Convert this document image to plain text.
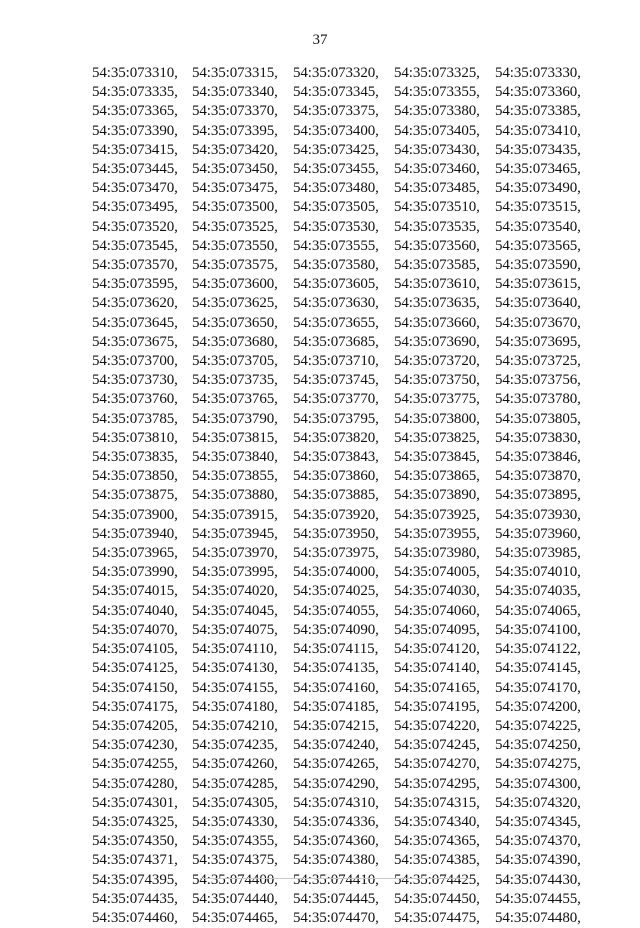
37
54:35:073310,	54:35:073315,	54:35:073320,	54:35:073325,	54:35:073330,
54:35:073335,	54:35:073340,	54:35:073345,	54:35:073355,	54:35:073360,
54:35:073365,	54:35:073370,	54:35:073375,	54:35:073380,	54:35:073385,
54:35:073390,	54:35:073395,	54:35:073400,	54:35:073405,	54:35:073410,
54:35:073415,	54:35:073420,	54:35:073425,	54:35:073430,	54:35:073435,
54:35:073445,	54:35:073450,	54:35:073455,	54:35:073460,	54:35:073465,
54:35:073470,	54:35:073475,	54:35:073480,	54:35:073485,	54:35:073490,
54:35:073495,	54:35:073500,	54:35:073505,	54:35:073510,	54:35:073515,
54:35:073520,	54:35:073525,	54:35:073530,	54:35:073535,	54:35:073540,
54:35:073545,	54:35:073550,	54:35:073555,	54:35:073560,	54:35:073565,
54:35:073570,	54:35:073575,	54:35:073580,	54:35:073585,	54:35:073590,
54:35:073595,	54:35:073600,	54:35:073605,	54:35:073610,	54:35:073615,
54:35:073620,	54:35:073625,	54:35:073630,	54:35:073635,	54:35:073640,
54:35:073645,	54:35:073650,	54:35:073655,	54:35:073660,	54:35:073670,
54:35:073675,	54:35:073680,	54:35:073685,	54:35:073690,	54:35:073695,
54:35:073700,	54:35:073705,	54:35:073710,	54:35:073720,	54:35:073725,
54:35:073730,	54:35:073735,	54:35:073745,	54:35:073750,	54:35:073756,
54:35:073760,	54:35:073765,	54:35:073770,	54:35:073775,	54:35:073780,
54:35:073785,	54:35:073790,	54:35:073795,	54:35:073800,	54:35:073805,
54:35:073810,	54:35:073815,	54:35:073820,	54:35:073825,	54:35:073830,
54:35:073835,	54:35:073840,	54:35:073843,	54:35:073845,	54:35:073846,
54:35:073850,	54:35:073855,	54:35:073860,	54:35:073865,	54:35:073870,
54:35:073875,	54:35:073880,	54:35:073885,	54:35:073890,	54:35:073895,
54:35:073900,	54:35:073915,	54:35:073920,	54:35:073925,	54:35:073930,
54:35:073940,	54:35:073945,	54:35:073950,	54:35:073955,	54:35:073960,
54:35:073965,	54:35:073970,	54:35:073975,	54:35:073980,	54:35:073985,
54:35:073990,	54:35:073995,	54:35:074000,	54:35:074005,	54:35:074010,
54:35:074015,	54:35:074020,	54:35:074025,	54:35:074030,	54:35:074035,
54:35:074040,	54:35:074045,	54:35:074055,	54:35:074060,	54:35:074065,
54:35:074070,	54:35:074075,	54:35:074090,	54:35:074095,	54:35:074100,
54:35:074105,	54:35:074110,	54:35:074115,	54:35:074120,	54:35:074122,
54:35:074125,	54:35:074130,	54:35:074135,	54:35:074140,	54:35:074145,
54:35:074150,	54:35:074155,	54:35:074160,	54:35:074165,	54:35:074170,
54:35:074175,	54:35:074180,	54:35:074185,	54:35:074195,	54:35:074200,
54:35:074205,	54:35:074210,	54:35:074215,	54:35:074220,	54:35:074225,
54:35:074230,	54:35:074235,	54:35:074240,	54:35:074245,	54:35:074250,
54:35:074255,	54:35:074260,	54:35:074265,	54:35:074270,	54:35:074275,
54:35:074280,	54:35:074285,	54:35:074290,	54:35:074295,	54:35:074300,
54:35:074301,	54:35:074305,	54:35:074310,	54:35:074315,	54:35:074320,
54:35:074325,	54:35:074330,	54:35:074336,	54:35:074340,	54:35:074345,
54:35:074350,	54:35:074355,	54:35:074360,	54:35:074365,	54:35:074370,
54:35:074371,	54:35:074375,	54:35:074380,	54:35:074385,	54:35:074390,
54:35:074395,	54:35:074400,	54:35:074410,	54:35:074425,	54:35:074430,
54:35:074435,	54:35:074440,	54:35:074445,	54:35:074450,	54:35:074455,
54:35:074460,	54:35:074465,	54:35:074470,	54:35:074475,	54:35:074480,
